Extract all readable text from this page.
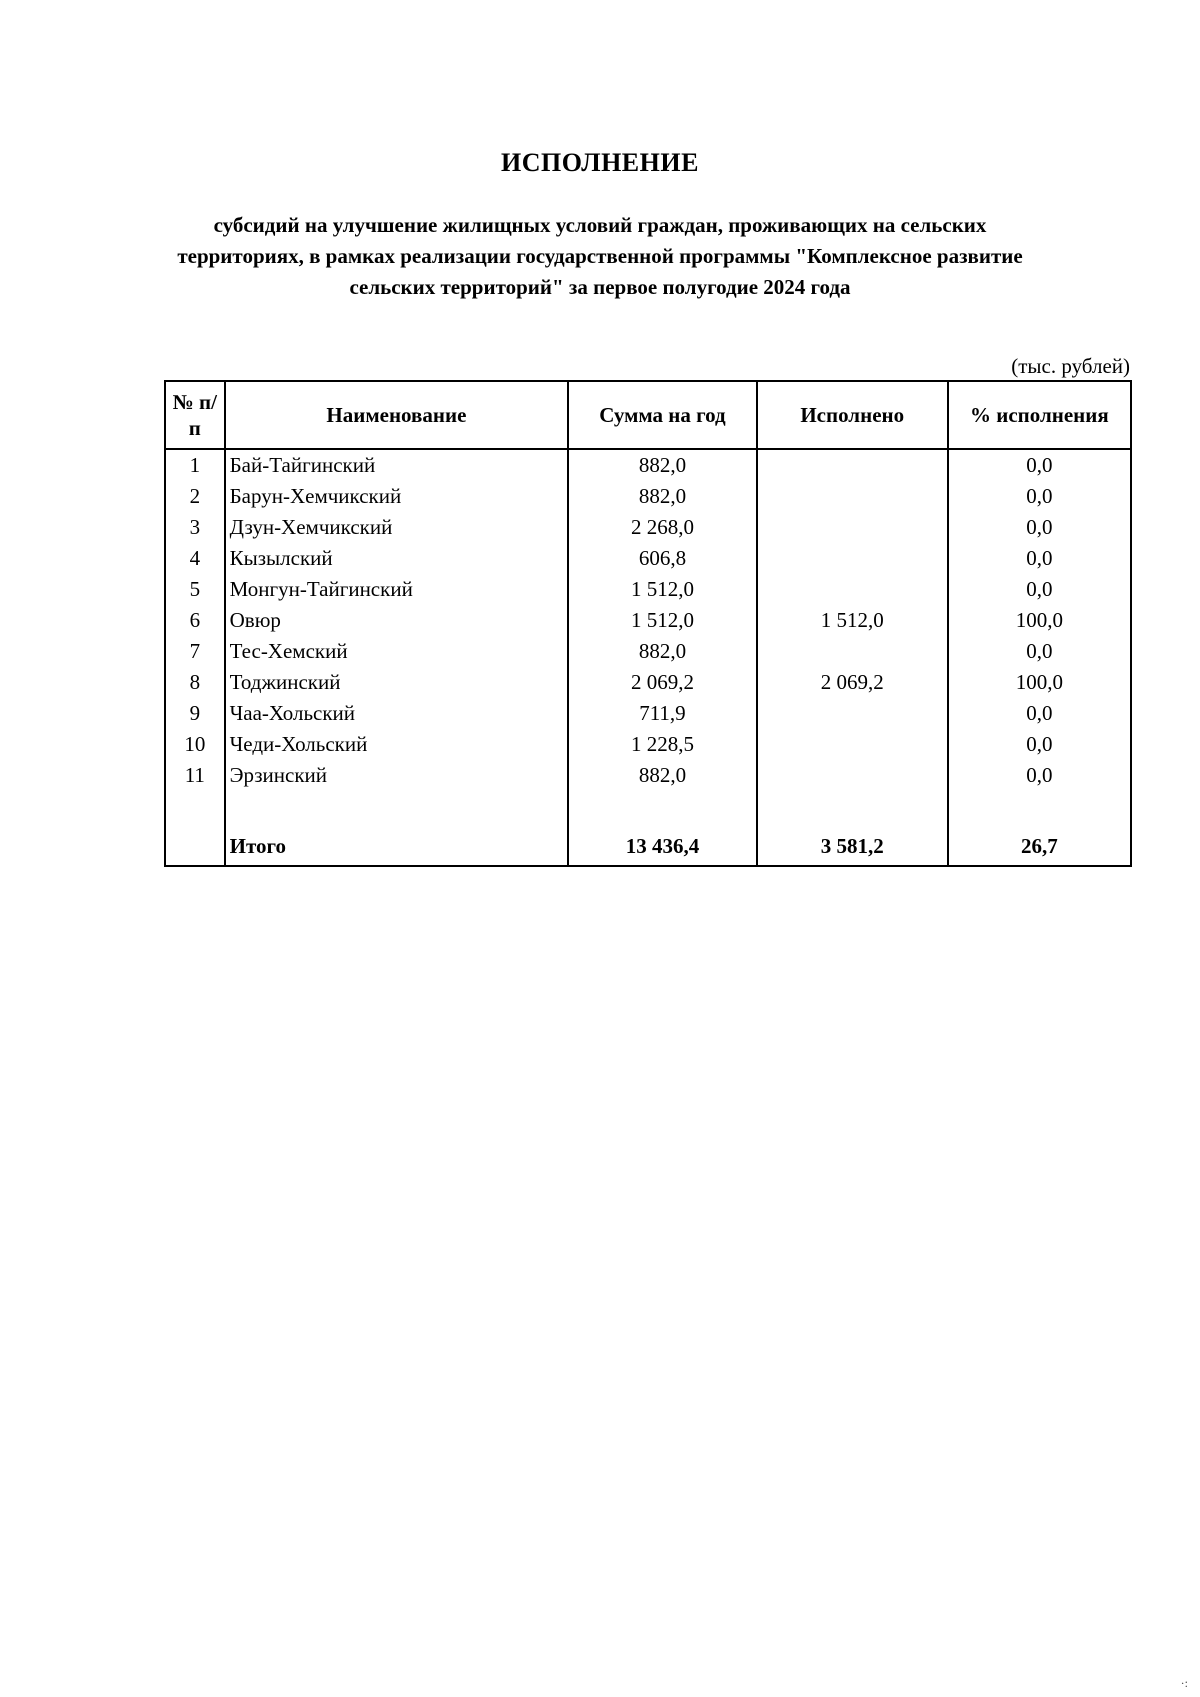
ИСПОЛНЕНИЕ
субсидий на улучшение жилищных условий граждан, проживающих на сельских территориях, в рамках реализации государственной программы "Комплексное развитие сельских территорий" за первое полугодие 2024 года
(тыс. рублей)
№ п/п	Наименование	Сумма на год	Исполнено	% исполнения
1	Бай-Тайгинский	882,0		0,0
2	Барун-Хемчикский	882,0		0,0
3	Дзун-Хемчикский	2 268,0		0,0
4	Кызылский	606,8		0,0
5	Монгун-Тайгинский	1 512,0		0,0
6	Овюр	1 512,0	1 512,0	100,0
7	Тес-Хемский	882,0		0,0
8	Тоджинский	2 069,2	2 069,2	100,0
9	Чаа-Хольский	711,9		0,0
10	Чеди-Хольский	1 228,5		0,0
11	Эрзинский	882,0		0,0

	Итого	13 436,4	3 581,2	26,7
·:
